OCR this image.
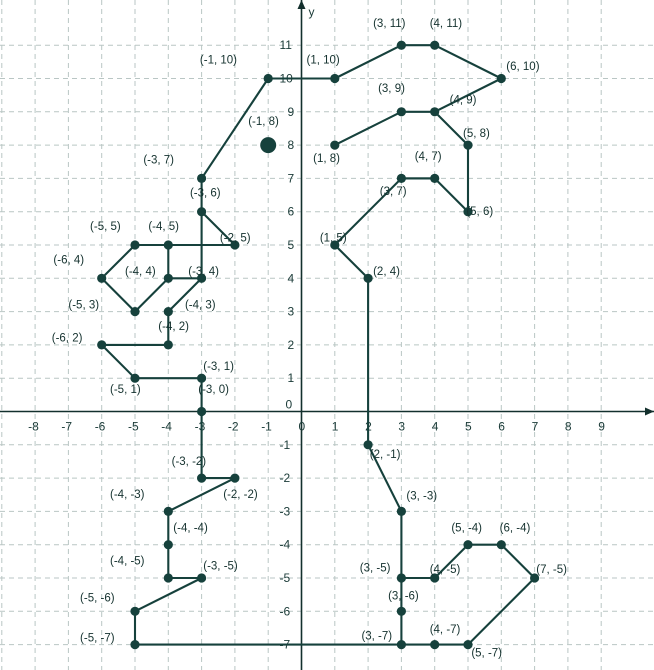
y
-8 -7 -6 -5 -4 -3 -2 -1 0 1 2 3 4 5 6 7 8 9
-7
-6
-5
-4
-3
-2
-1
0
1
2
3
4
5
6
7
8
9
10
11
(-1, 10)
(-3, 7)
(-3, 6)
(-2, 5)
(-4, 5)
(-5, 5)
(-6, 4)
(-5, 3)
(-4, 4)	(-3, 4)
(-4, 3)
(-4, 2)
(-6, 2)
(-5, 1)
(-3, 1)
(-3, 0)
(-3, -2)
(-2, -2)
(-4, -3)
(-4, -4)
(-4, -5)	(-3, -5)
(-5, -6)
(-5, -7)
(1, 10)
(3, 11) (4, 11)
(6, 10)
(4, 9)
(3, 9)
(1, 8)
(5, 8)
(5, 6)
(4, 7)
(3, 7)
(1, 5)
(2, 4)
(2, -1)
(3, -3)
(3, -5)	(4, -5)
(5, -4) (6, -4)
(7, -5)
(5, -7)
(4, -7)
(3, -7)
(3, -6)
(-1, 8)
